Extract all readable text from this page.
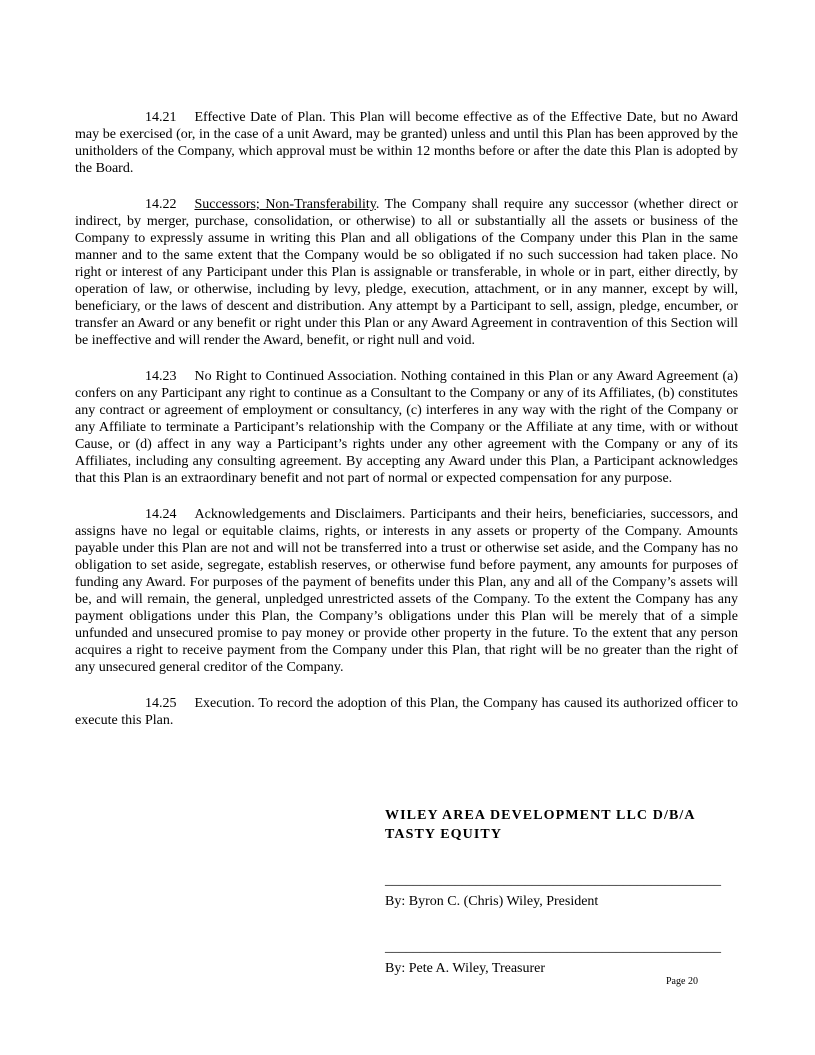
14.21 Effective Date of Plan. This Plan will become effective as of the Effective Date, but no Award may be exercised (or, in the case of a unit Award, may be granted) unless and until this Plan has been approved by the unitholders of the Company, which approval must be within 12 months before or after the date this Plan is adopted by the Board.

14.22 Successors; Non-Transferability. The Company shall require any successor (whether direct or indirect, by merger, purchase, consolidation, or otherwise) to all or substantially all the assets or business of the Company to expressly assume in writing this Plan and all obligations of the Company under this Plan in the same manner and to the same extent that the Company would be so obligated if no such succession had taken place. No right or interest of any Participant under this Plan is assignable or transferable, in whole or in part, either directly, by operation of law, or otherwise, including by levy, pledge, execution, attachment, or in any manner, except by will, beneficiary, or the laws of descent and distribution. Any attempt by a Participant to sell, assign, pledge, encumber, or transfer an Award or any benefit or right under this Plan or any Award Agreement in contravention of this Section will be ineffective and will render the Award, benefit, or right null and void.

14.23 No Right to Continued Association. Nothing contained in this Plan or any Award Agreement (a) confers on any Participant any right to continue as a Consultant to the Company or any of its Affiliates, (b) constitutes any contract or agreement of employment or consultancy, (c) interferes in any way with the right of the Company or any Affiliate to terminate a Participant’s relationship with the Company or the Affiliate at any time, with or without Cause, or (d) affect in any way a Participant’s rights under any other agreement with the Company or any of its Affiliates, including any consulting agreement. By accepting any Award under this Plan, a Participant acknowledges that this Plan is an extraordinary benefit and not part of normal or expected compensation for any purpose.

14.24 Acknowledgements and Disclaimers. Participants and their heirs, beneficiaries, successors, and assigns have no legal or equitable claims, rights, or interests in any assets or property of the Company. Amounts payable under this Plan are not and will not be transferred into a trust or otherwise set aside, and the Company has no obligation to set aside, segregate, establish reserves, or otherwise fund before payment, any amounts for purposes of funding any Award. For purposes of the payment of benefits under this Plan, any and all of the Company’s assets will be, and will remain, the general, unpledged unrestricted assets of the Company. To the extent the Company has any payment obligations under this Plan, the Company’s obligations under this Plan will be merely that of a simple unfunded and unsecured promise to pay money or provide other property in the future. To the extent that any person acquires a right to receive payment from the Company under this Plan, that right will be no greater than the right of any unsecured general creditor of the Company.

14.25 Execution. To record the adoption of this Plan, the Company has caused its authorized officer to execute this Plan.

WILEY AREA DEVELOPMENT LLC D/B/A
TASTY EQUITY
________________________________________________
By: Byron C. (Chris) Wiley, President
________________________________________________
By: Pete A. Wiley, Treasurer
Page 20
